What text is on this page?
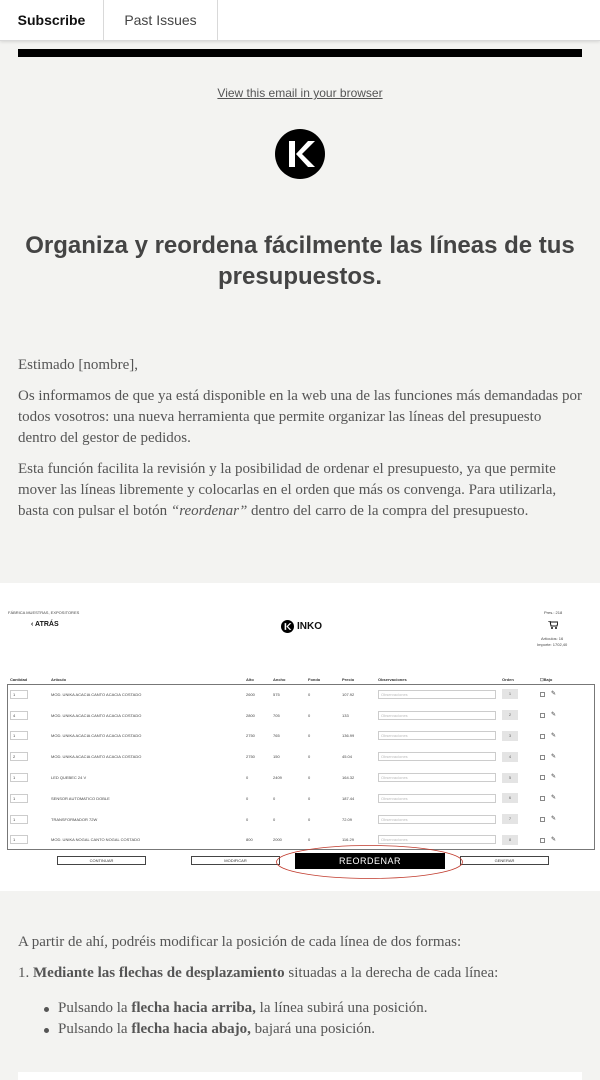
Subscribe	Past Issues
View this email in your browser
Organiza y reordena fácilmente las líneas de tus presupuestos.
Estimado [nombre],
Os informamos de que ya está disponible en la web una de las funciones más demandadas por todos vosotros: una nueva herramienta que permite organizar las líneas del presupuesto dentro del gestor de pedidos.
Esta función facilita la revisión y la posibilidad de ordenar el presupuesto, ya que permite mover las líneas libremente y colocarlas en el orden que más os convenga. Para utilizarla, basta con pulsar el botón “reordenar” dentro del carro de la compra del presupuesto.
FÁBRICA MUESTRAS, EXPOSITORES
‹ ATRÁS	INKO
Pres.: 218
Artículos: 16
Importe: 1702,40
Cantidad	Artículo	Alto	Ancho	Fondo	Precio	Observaciones	Orden	☐Bajo
1	MOD. UNIKA ACACIA CANTO ACACIA COSTADO	2600	575	0	107.92	Observaciones	1	✎
4	MOD. UNIKA ACACIA CANTO ACACIA COSTADO	2800	705	0	133	Observaciones	2	✎
1	MOD. UNIKA ACACIA CANTO ACACIA COSTADO	2750	765	0	136.99	Observaciones	3	✎
2	MOD. UNIKA ACACIA CANTO ACACIA COSTADO	2750	150	0	45.04	Observaciones	4	✎
1	LED QUEBEC 24 V	0	2409	0	164.32	Observaciones	5	✎
1	SENSOR AUTOMATICO DOBLE	0	0	0	187.44	Observaciones	6	✎
1	TRANSFORMADOR 72W	0	0	0	72.09	Observaciones	7	✎
1	MOD. UNIKA NOGAL CANTO NOGAL COSTADO	800	2000	0	116.29	Observaciones	8	✎
CONTINUAR	MODIFICAR	REORDENAR	GENERAR
A partir de ahí, podréis modificar la posición de cada línea de dos formas:
1. Mediante las flechas de desplazamiento situadas a la derecha de cada línea:
Pulsando la flecha hacia arriba, la línea subirá una posición.
Pulsando la flecha hacia abajo, bajará una posición.
